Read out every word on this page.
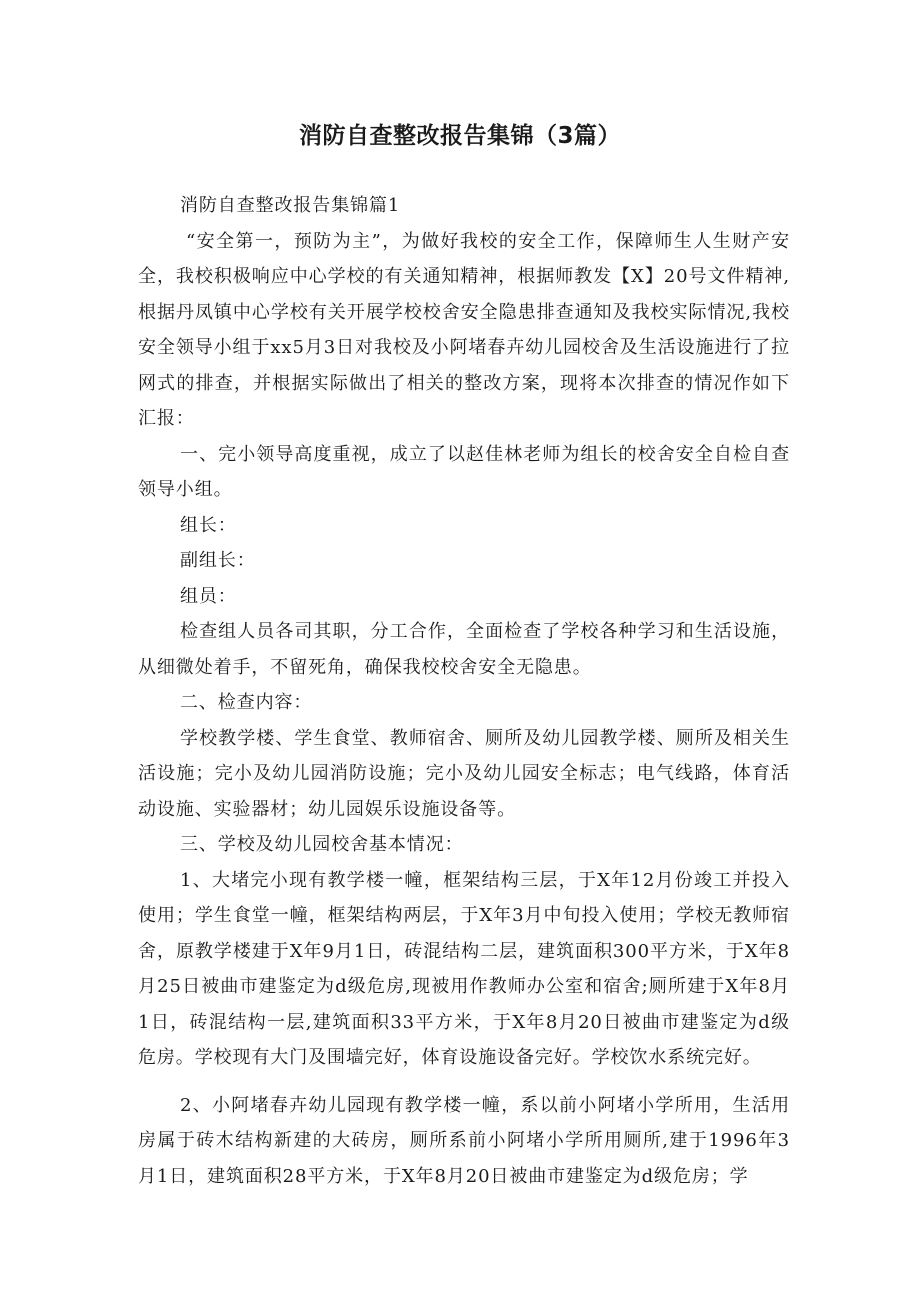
消防自查整改报告集锦（3篇）

消防自查整改报告集锦篇1

“安全第一，预防为主”，为做好我校的安全工作，保障师生人生财产安全，我校积极响应中心学校的有关通知精神，根据师教发【X】20号文件精神,根据丹凤镇中心学校有关开展学校校舍安全隐患排查通知及我校实际情况,我校安全领导小组于xx5月3日对我校及小阿堵春卉幼儿园校舍及生活设施进行了拉网式的排查，并根据实际做出了相关的整改方案，现将本次排查的情况作如下汇报：

一、完小领导高度重视，成立了以赵佳林老师为组长的校舍安全自检自查领导小组。

组长：

副组长：

组员：

检查组人员各司其职，分工合作，全面检查了学校各种学习和生活设施，从细微处着手，不留死角，确保我校校舍安全无隐患。

二、检查内容：

学校教学楼、学生食堂、教师宿舍、厕所及幼儿园教学楼、厕所及相关生活设施；完小及幼儿园消防设施；完小及幼儿园安全标志；电气线路，体育活动设施、实验器材；幼儿园娱乐设施设备等。

三、学校及幼儿园校舍基本情况：

1、大堵完小现有教学楼一幢，框架结构三层，于X年12月份竣工并投入使用；学生食堂一幢，框架结构两层，于X年3月中旬投入使用；学校无教师宿舍，原教学楼建于X年9月1日，砖混结构二层，建筑面积300平方米，于X年8月25日被曲市建鉴定为d级危房,现被用作教师办公室和宿舍;厕所建于X年8月1日，砖混结构一层,建筑面积33平方米，于X年8月20日被曲市建鉴定为d级危房。学校现有大门及围墙完好，体育设施设备完好。学校饮水系统完好。

2、小阿堵春卉幼儿园现有教学楼一幢，系以前小阿堵小学所用，生活用房属于砖木结构新建的大砖房，厕所系前小阿堵小学所用厕所,建于1996年3月1日，建筑面积28平方米，于X年8月20日被曲市建鉴定为d级危房；学
